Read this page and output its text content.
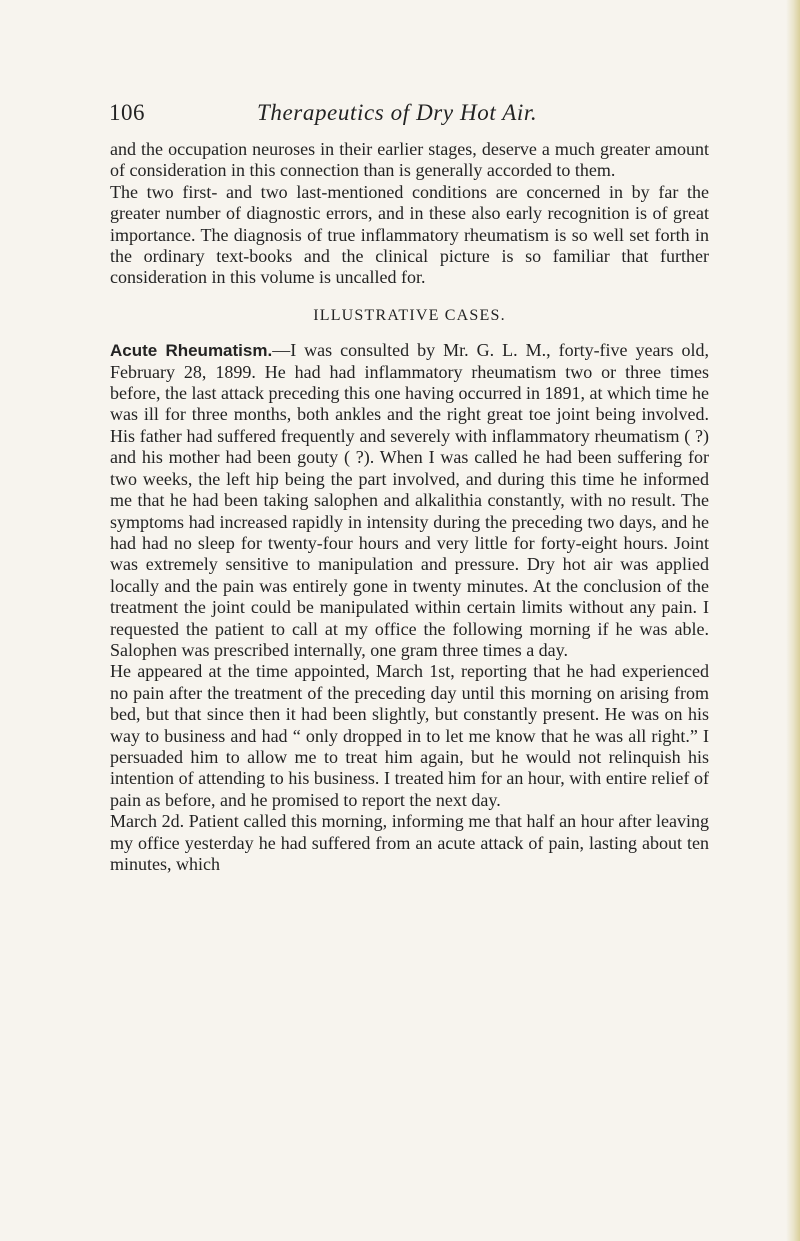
106	Therapeutics of Dry Hot Air.

and the occupation neuroses in their earlier stages, deserve a much greater amount of consideration in this connection than is generally accorded to them.

The two first- and two last-mentioned conditions are concerned in by far the greater number of diagnostic errors, and in these also early recognition is of great importance. The diagnosis of true inflammatory rheumatism is so well set forth in the ordinary text-books and the clinical picture is so familiar that further consideration in this volume is uncalled for.

ILLUSTRATIVE CASES.

Acute Rheumatism.—I was consulted by Mr. G. L. M., forty-five years old, February 28, 1899. He had had inflammatory rheumatism two or three times before, the last attack preceding this one having occurred in 1891, at which time he was ill for three months, both ankles and the right great toe joint being involved. His father had suffered frequently and severely with inflammatory rheumatism ( ?) and his mother had been gouty ( ?). When I was called he had been suffering for two weeks, the left hip being the part involved, and during this time he informed me that he had been taking salophen and alkalithia constantly, with no result. The symptoms had increased rapidly in intensity during the preceding two days, and he had had no sleep for twenty-four hours and very little for forty-eight hours. Joint was extremely sensitive to manipulation and pressure. Dry hot air was applied locally and the pain was entirely gone in twenty minutes. At the conclusion of the treatment the joint could be manipulated within certain limits without any pain. I requested the patient to call at my office the following morning if he was able. Salophen was prescribed internally, one gram three times a day.

He appeared at the time appointed, March 1st, reporting that he had experienced no pain after the treatment of the preceding day until this morning on arising from bed, but that since then it had been slightly, but constantly present. He was on his way to business and had “ only dropped in to let me know that he was all right.” I persuaded him to allow me to treat him again, but he would not relinquish his intention of attending to his business. I treated him for an hour, with entire relief of pain as before, and he promised to report the next day.

March 2d. Patient called this morning, informing me that half an hour after leaving my office yesterday he had suffered from an acute attack of pain, lasting about ten minutes, which
